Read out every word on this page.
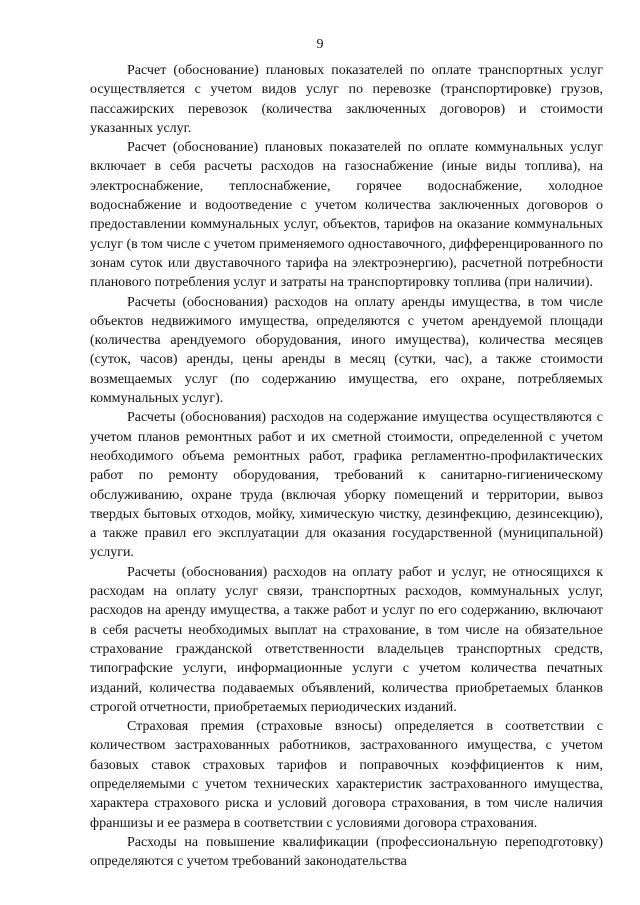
9

Расчет (обоснование) плановых показателей по оплате транспортных услуг осуществляется с учетом видов услуг по перевозке (транспортировке) грузов, пассажирских перевозок (количества заключенных договоров) и стоимости указанных услуг.

Расчет (обоснование) плановых показателей по оплате коммунальных услуг включает в себя расчеты расходов на газоснабжение (иные виды топлива), на электроснабжение, теплоснабжение, горячее водоснабжение, холодное водоснабжение и водоотведение с учетом количества заключенных договоров о предоставлении коммунальных услуг, объектов, тарифов на оказание коммунальных услуг (в том числе с учетом применяемого одноставочного, дифференцированного по зонам суток или двуставочного тарифа на электроэнергию), расчетной потребности планового потребления услуг и затраты на транспортировку топлива (при наличии).

Расчеты (обоснования) расходов на оплату аренды имущества, в том числе объектов недвижимого имущества, определяются с учетом арендуемой площади (количества арендуемого оборудования, иного имущества), количества месяцев (суток, часов) аренды, цены аренды в месяц (сутки, час), а также стоимости возмещаемых услуг (по содержанию имущества, его охране, потребляемых коммунальных услуг).

Расчеты (обоснования) расходов на содержание имущества осуществляются с учетом планов ремонтных работ и их сметной стоимости, определенной с учетом необходимого объема ремонтных работ, графика регламентно-профилактических работ по ремонту оборудования, требований к санитарно-гигиеническому обслуживанию, охране труда (включая уборку помещений и территории, вывоз твердых бытовых отходов, мойку, химическую чистку, дезинфекцию, дезинсекцию), а также правил его эксплуатации для оказания государственной (муниципальной) услуги.

Расчеты (обоснования) расходов на оплату работ и услуг, не относящихся к расходам на оплату услуг связи, транспортных расходов, коммунальных услуг, расходов на аренду имущества, а также работ и услуг по его содержанию, включают в себя расчеты необходимых выплат на страхование, в том числе на обязательное страхование гражданской ответственности владельцев транспортных средств, типографские услуги, информационные услуги с учетом количества печатных изданий, количества подаваемых объявлений, количества приобретаемых бланков строгой отчетности, приобретаемых периодических изданий.

Страховая премия (страховые взносы) определяется в соответствии с количеством застрахованных работников, застрахованного имущества, с учетом базовых ставок страховых тарифов и поправочных коэффициентов к ним, определяемыми с учетом технических характеристик застрахованного имущества, характера страхового риска и условий договора страхования, в том числе наличия франшизы и ее размера в соответствии с условиями договора страхования.

Расходы на повышение квалификации (профессиональную переподготовку) определяются с учетом требований законодательства
